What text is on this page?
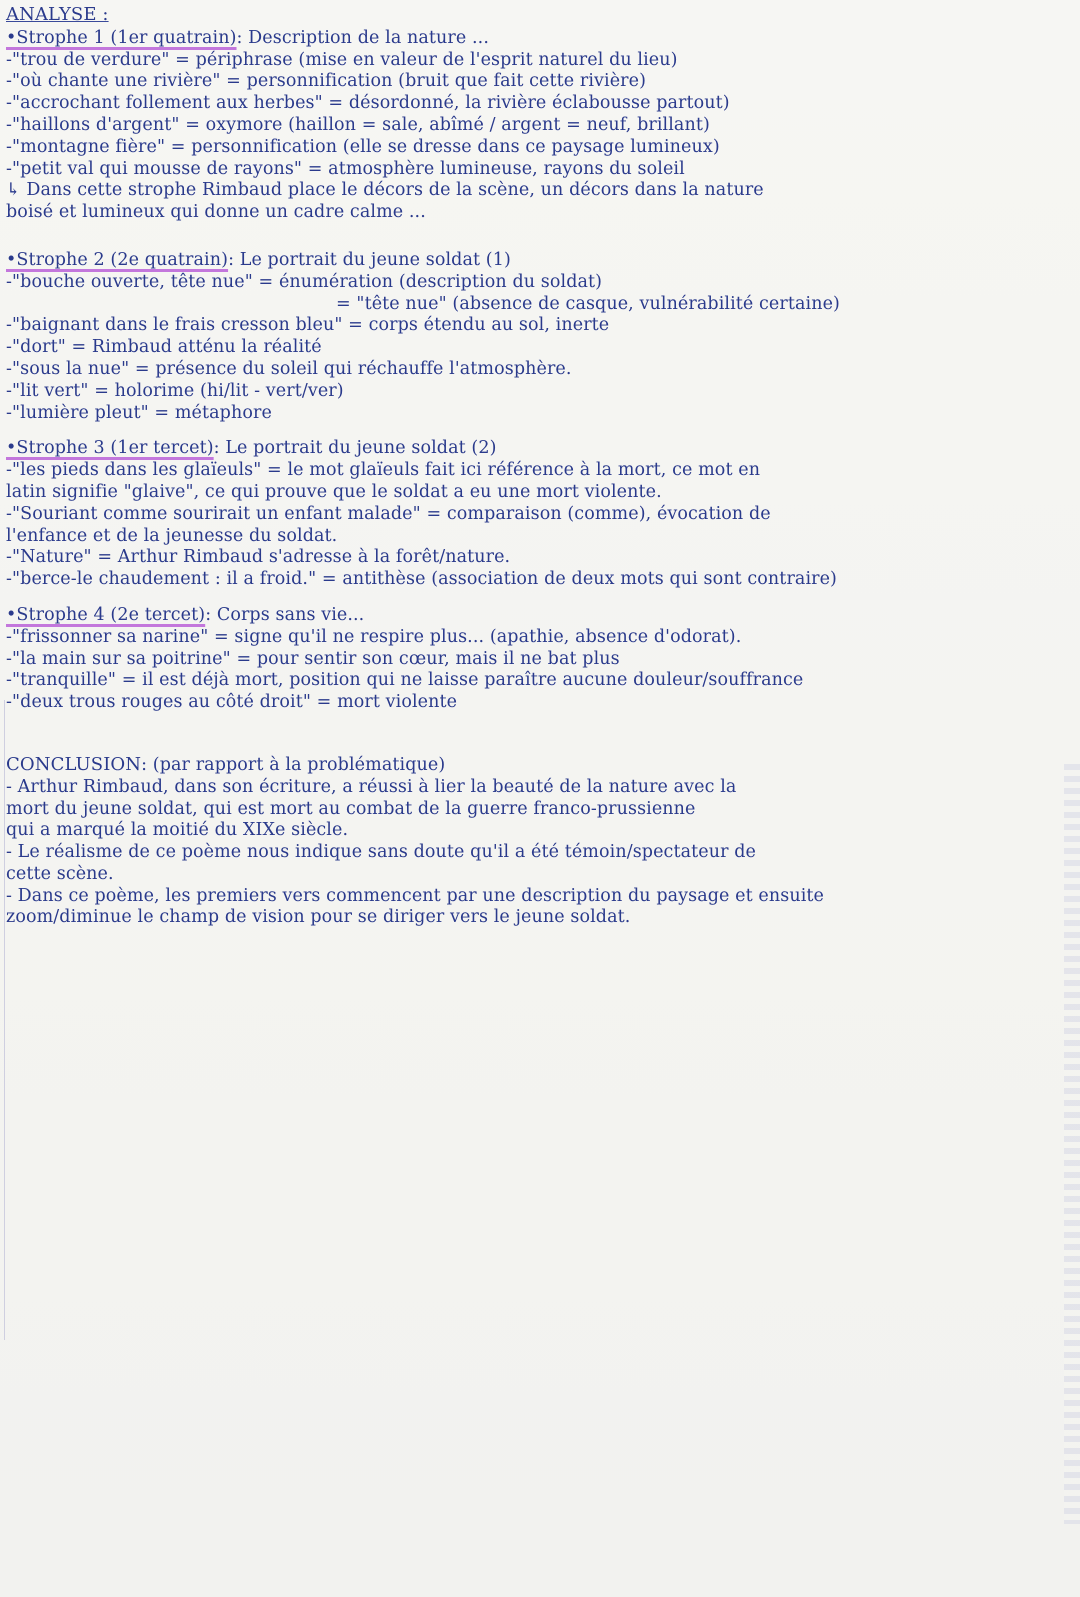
ANALYSE :

•Strophe 1 (1er quatrain): Description de la nature ...

-"trou de verdure" = périphrase (mise en valeur de l'esprit naturel du lieu)

-"où chante une rivière" = personnification (bruit que fait cette rivière)

-"accrochant follement aux herbes" = désordonné, la rivière éclabousse partout)

-"haillons d'argent" = oxymore (haillon = sale, abîmé / argent = neuf, brillant)

-"montagne fière" = personnification (elle se dresse dans ce paysage lumineux)

-"petit val qui mousse de rayons" = atmosphère lumineuse, rayons du soleil

↳ Dans cette strophe Rimbaud place le décors de la scène, un décors dans la nature

boisé et lumineux qui donne un cadre calme ...

•Strophe 2 (2e quatrain): Le portrait du jeune soldat (1)

-"bouche ouverte, tête nue" = énumération (description du soldat)

= "tête nue" (absence de casque, vulnérabilité certaine)

-"baignant dans le frais cresson bleu" = corps étendu au sol, inerte

-"dort" = Rimbaud atténu la réalité

-"sous la nue" = présence du soleil qui réchauffe l'atmosphère.

-"lit vert" = holorime (hi/lit - vert/ver)

-"lumière pleut" = métaphore

•Strophe 3 (1er tercet): Le portrait du jeune soldat (2)

-"les pieds dans les glaïeuls" = le mot glaïeuls fait ici référence à la mort, ce mot en

latin signifie "glaive", ce qui prouve que le soldat a eu une mort violente.

-"Souriant comme sourirait un enfant malade" = comparaison (comme), évocation de

l'enfance et de la jeunesse du soldat.

-"Nature" = Arthur Rimbaud s'adresse à la forêt/nature.

-"berce-le chaudement : il a froid." = antithèse (association de deux mots qui sont contraire)

•Strophe 4 (2e tercet): Corps sans vie...

-"frissonner sa narine" = signe qu'il ne respire plus... (apathie, absence d'odorat).

-"la main sur sa poitrine" = pour sentir son cœur, mais il ne bat plus

-"tranquille" = il est déjà mort, position qui ne laisse paraître aucune douleur/souffrance

-"deux trous rouges au côté droit" = mort violente

CONCLUSION: (par rapport à la problématique)

- Arthur Rimbaud, dans son écriture, a réussi à lier la beauté de la nature avec la

mort du jeune soldat, qui est mort au combat de la guerre franco-prussienne

qui a marqué la moitié du XIXe siècle.

- Le réalisme de ce poème nous indique sans doute qu'il a été témoin/spectateur de

cette scène.

- Dans ce poème, les premiers vers commencent par une description du paysage et ensuite

zoom/diminue le champ de vision pour se diriger vers le jeune soldat.
